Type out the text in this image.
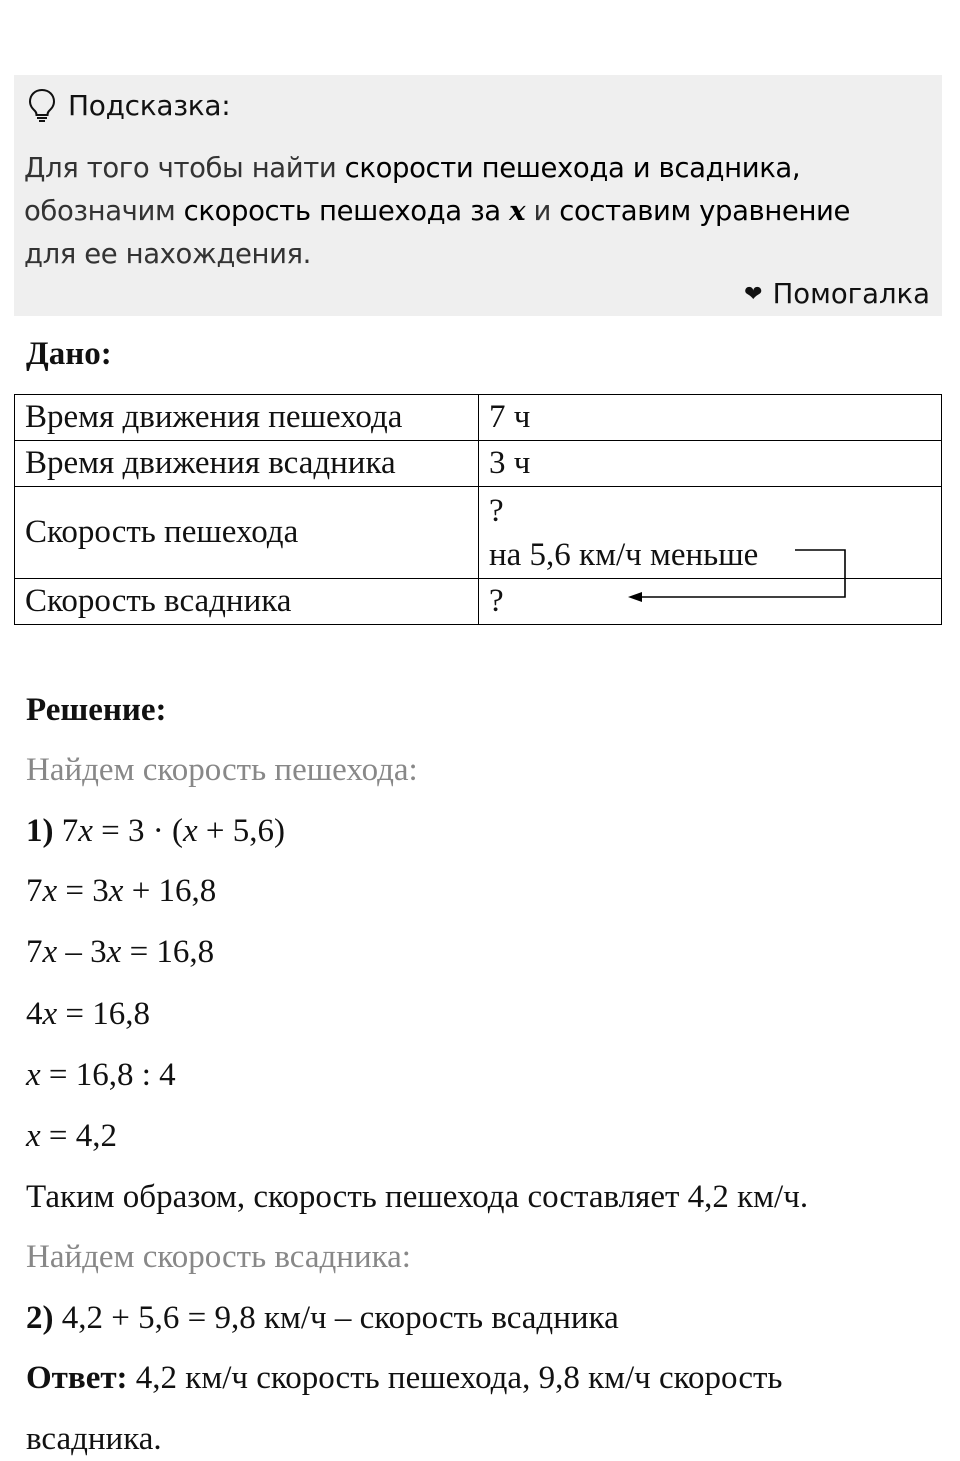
Подсказка:
Для того чтобы найти скорости пешехода и всадника,
обозначим скорость пешехода за x и составим уравнение
для ее нахождения.
❤ Помогалка
Дано:
Время движения пешехода	7 ч
Время движения всадника	3 ч
Скорость пешехода	?
на 5,6 км/ч меньше

Скорость всадника	?
Решение:
Найдем скорость пешехода:
1) 7x = 3 · (x + 5,6)
7x = 3x + 16,8
7x – 3x = 16,8
4x = 16,8
x = 16,8 : 4
x = 4,2
Таким образом, скорость пешехода составляет 4,2 км/ч.
Найдем скорость всадника:
2) 4,2 + 5,6 = 9,8 км/ч – скорость всадника
Ответ: 4,2 км/ч скорость пешехода, 9,8 км/ч скорость
всадника.
